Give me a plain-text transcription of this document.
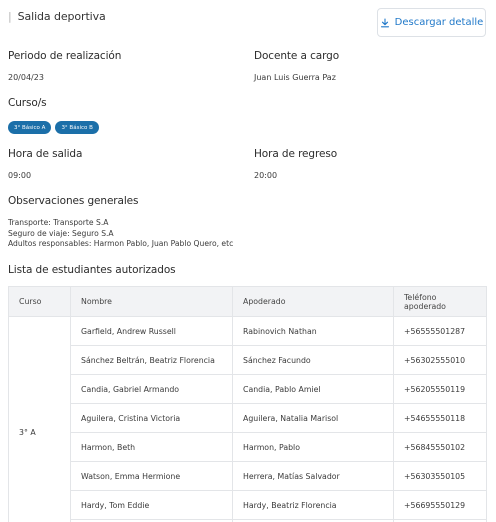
| Salida deportiva	Descargar detalle
Periodo de realización
20/04/23
Docente a cargo
Juan Luis Guerra Paz
Curso/s
3° Básico A	3° Básico B
Hora de salida
09:00
Hora de regreso
20:00
Observaciones generales
Transporte: Transporte S.A
Seguro de viaje: Seguro S.A
Adultos responsables: Harmon Pablo, Juan Pablo Quero, etc
Lista de estudiantes autorizados
Curso	Nombre	Apoderado	Teléfono apoderado
3° A	Garfield, Andrew Russell	Rabinovich Nathan	+56555501287
	Sánchez Beltrán, Beatriz Florencia	Sánchez Facundo	+56302555010
	Candia, Gabriel Armando	Candia, Pablo Amiel	+56205550119
	Aguilera, Cristina Victoria	Aguilera, Natalia Marisol	+54655550118
	Harmon, Beth	Harmon, Pablo	+56845550102
	Watson, Emma Hermione	Herrera, Matías Salvador	+56303550105
	Hardy, Tom Eddie	Hardy, Beatriz Florencia	+56695550129
